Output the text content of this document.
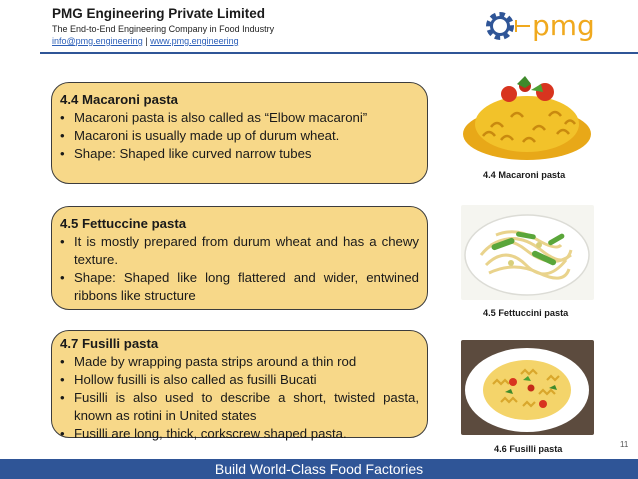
PMG Engineering Private Limited
The End-to-End Engineering Company in Food Industry
info@pmg.engineering | www.pmg.engineering	pmg
4.4 Macaroni pasta
• Macaroni pasta is also called as “Elbow macaroni”
• Macaroni is usually made up of durum wheat.
• Shape: Shaped like curved narrow tubes
4.5 Fettuccine pasta
• It is mostly prepared from durum wheat and has a chewy texture.
• Shape: Shaped like long flattered and wider, entwined ribbons like structure
4.7 Fusilli pasta
• Made by wrapping pasta strips around a thin rod
• Hollow fusilli is also called as fusilli Bucati
• Fusilli is also used to describe a short, twisted pasta, known as rotini in United states
• Fusilli are long, thick, corkscrew shaped pasta.
4.4 Macaroni pasta
4.5 Fettuccini pasta
4.6 Fusilli pasta	11
Build World-Class Food Factories
